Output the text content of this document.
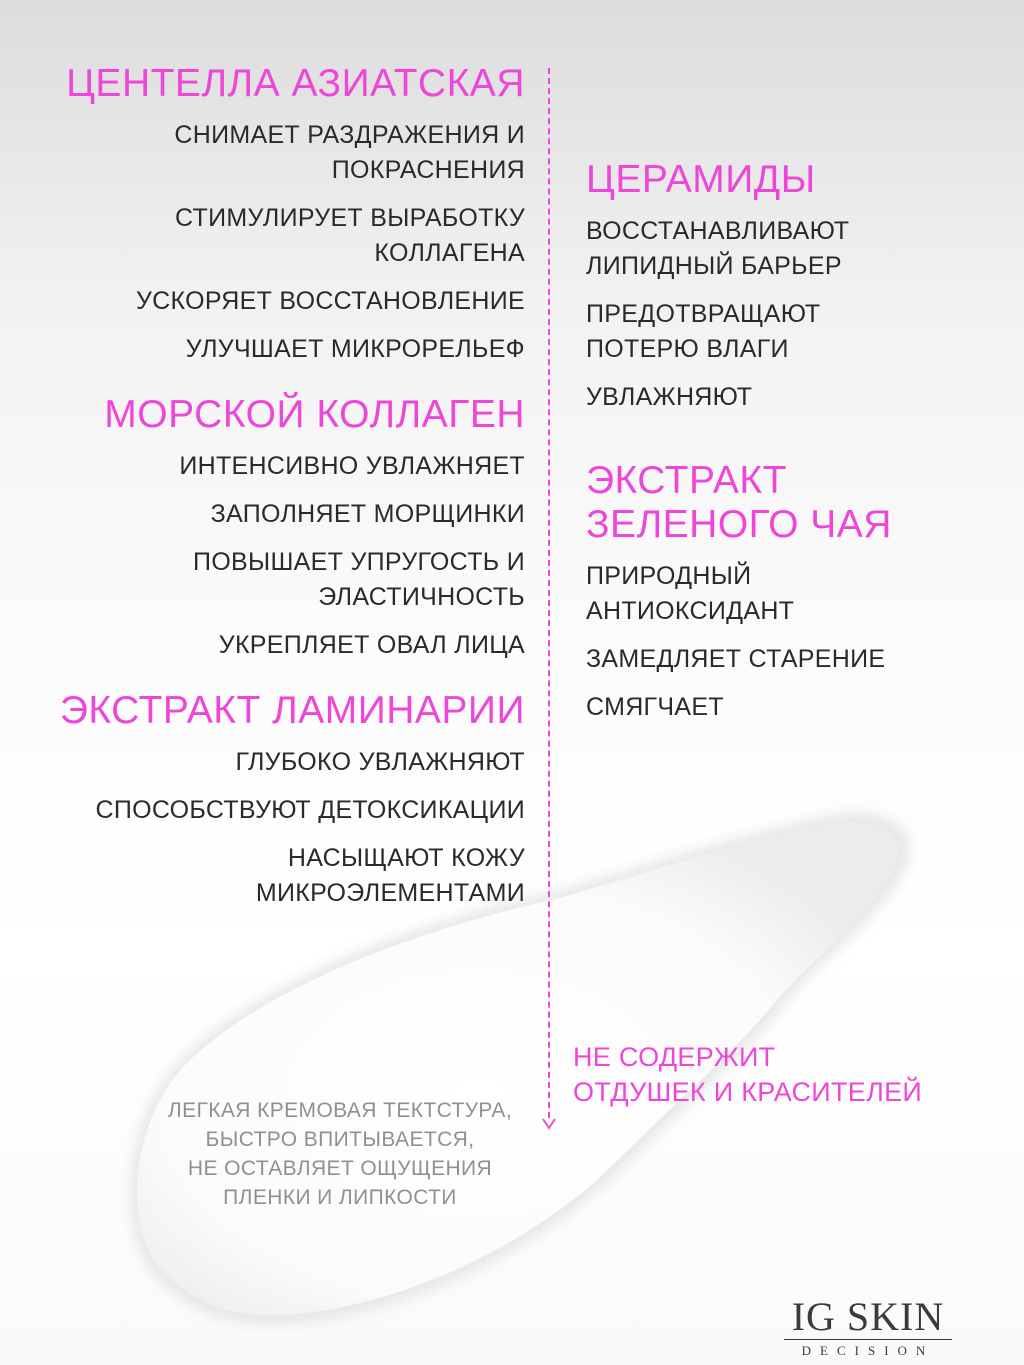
ЦЕНТЕЛЛА АЗИАТСКАЯ
СНИМАЕТ РАЗДРАЖЕНИЯ И
ПОКРАСНЕНИЯ
СТИМУЛИРУЕТ ВЫРАБОТКУ
КОЛЛАГЕНА
УСКОРЯЕТ ВОССТАНОВЛЕНИЕ
УЛУЧШАЕТ МИКРОРЕЛЬЕФ
МОРСКОЙ КОЛЛАГЕН
ИНТЕНСИВНО УВЛАЖНЯЕТ
ЗАПОЛНЯЕТ МОРЩИНКИ
ПОВЫШАЕТ УПРУГОСТЬ И
ЭЛАСТИЧНОСТЬ
УКРЕПЛЯЕТ ОВАЛ ЛИЦА
ЭКСТРАКТ ЛАМИНАРИИ
ГЛУБОКО УВЛАЖНЯЮТ
СПОСОБСТВУЮТ ДЕТОКСИКАЦИИ
НАСЫЩАЮТ КОЖУ
МИКРОЭЛЕМЕНТАМИ
ЦЕРАМИДЫ
ВОССТАНАВЛИВАЮТ
ЛИПИДНЫЙ БАРЬЕР
ПРЕДОТВРАЩАЮТ
ПОТЕРЮ ВЛАГИ
УВЛАЖНЯЮТ
ЭКСТРАКТ
ЗЕЛЕНОГО ЧАЯ
ПРИРОДНЫЙ
АНТИОКСИДАНТ
ЗАМЕДЛЯЕТ СТАРЕНИЕ
СМЯГЧАЕТ
НЕ СОДЕРЖИТ
ОТДУШЕК И КРАСИТЕЛЕЙ
ЛЕГКАЯ КРЕМОВАЯ ТЕКТСТУРА,
БЫСТРО ВПИТЫВАЕТСЯ,
НЕ ОСТАВЛЯЕТ ОЩУЩЕНИЯ
ПЛЕНКИ И ЛИПКОСТИ
IG SKIN
DECISION
